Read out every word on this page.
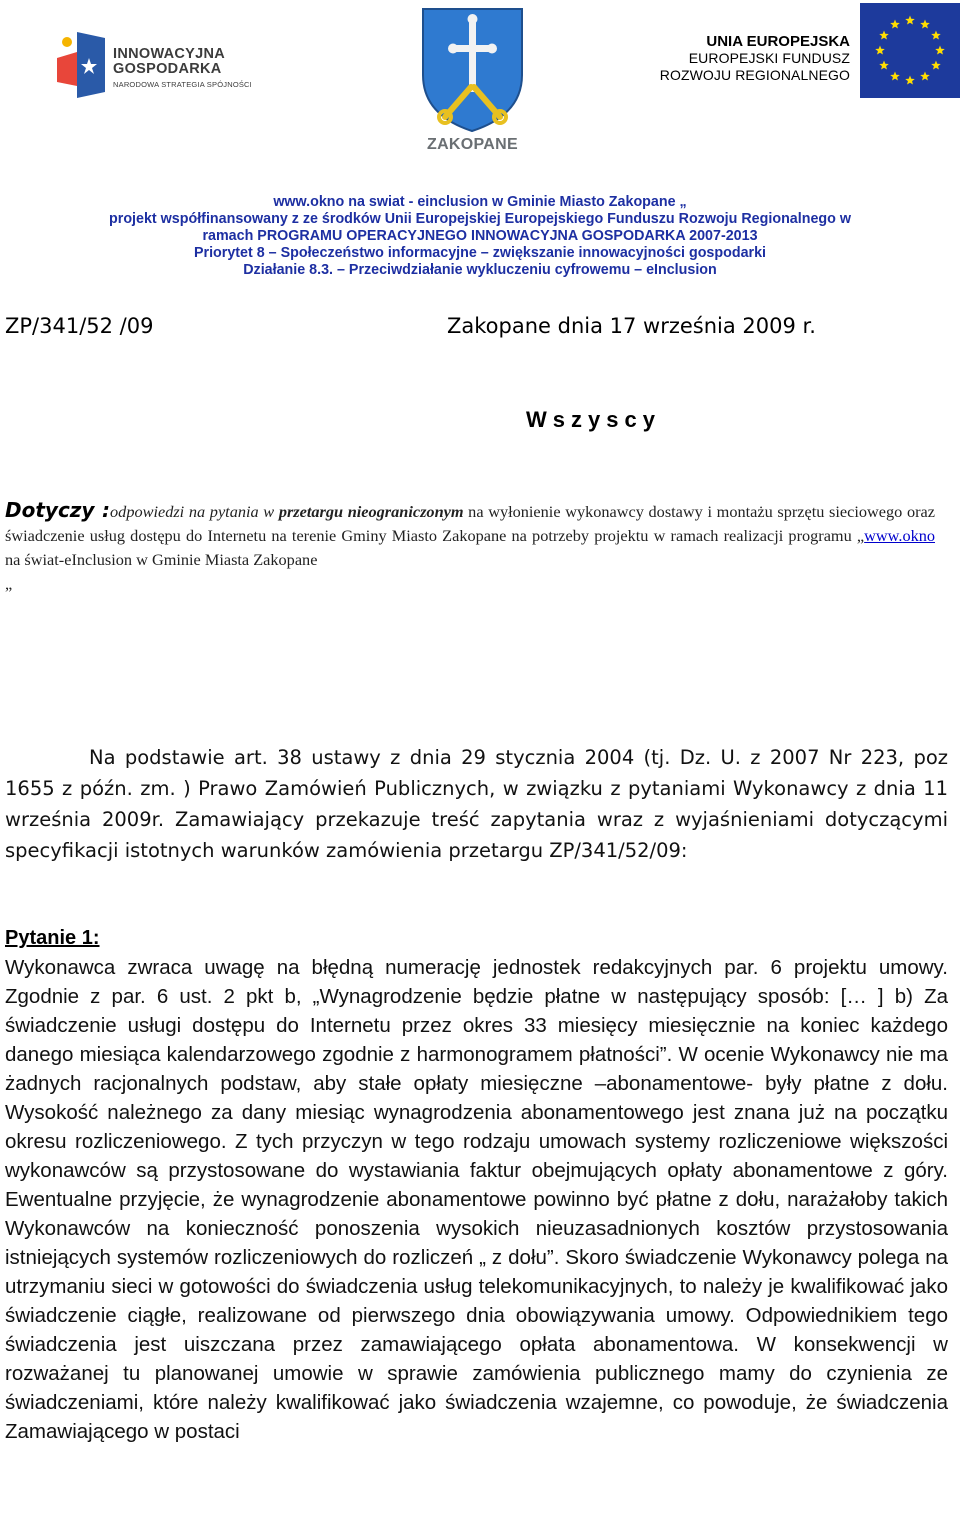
INNOWACYJNA
GOSPODARKA
NARODOWA STRATEGIA SPÓJNOŚCI
ZAKOPANE
UNIA EUROPEJSKA
EUROPEJSKI FUNDUSZ
ROZWOJU REGIONALNEGO
www.okno na swiat - einclusion w Gminie Miasto Zakopane „
projekt współfinansowany z ze środków Unii Europejskiej Europejskiego Funduszu Rozwoju Regionalnego w
ramach PROGRAMU OPERACYJNEGO INNOWACYJNA GOSPODARKA 2007-2013
Priorytet 8 – Społeczeństwo informacyjne – zwiększanie innowacyjności gospodarki
Działanie 8.3. – Przeciwdziałanie wykluczeniu cyfrowemu – eInclusion
ZP/341/52 /09	Zakopane dnia 17 września 2009 r.
Wszyscy
Dotyczy :odpowiedzi na pytania w przetargu nieograniczonym na wyłonienie wykonawcy dostawy i montażu sprzętu sieciowego oraz świadczenie usług dostępu do Internetu na terenie Gminy Miasto Zakopane na potrzeby projektu w ramach realizacji programu „www.okno na świat-eInclusion w Gminie Miasta Zakopane
„
Na podstawie art. 38 ustawy z dnia 29 stycznia 2004 (tj. Dz. U. z 2007 Nr 223, poz 1655 z późn. zm. ) Prawo Zamówień Publicznych, w związku z pytaniami Wykonawcy z dnia 11 września 2009r. Zamawiający przekazuje treść zapytania wraz z wyjaśnieniami dotyczącymi specyfikacji istotnych warunków zamówienia przetargu ZP/341/52/09:
Pytanie 1:
Wykonawca zwraca uwagę na błędną numerację jednostek redakcyjnych par. 6 projektu umowy. Zgodnie z par. 6 ust. 2 pkt b, „Wynagrodzenie będzie płatne w następujący sposób: [… ] b) Za świadczenie usługi dostępu do Internetu przez okres 33 miesięcy miesięcznie na koniec każdego danego miesiąca kalendarzowego zgodnie z harmonogramem płatności”. W ocenie Wykonawcy nie ma żadnych racjonalnych podstaw, aby stałe opłaty miesięczne –abonamentowe- były płatne z dołu. Wysokość należnego za dany miesiąc wynagrodzenia abonamentowego jest znana już na początku okresu rozliczeniowego. Z tych przyczyn w tego rodzaju umowach systemy rozliczeniowe większości wykonawców są przystosowane do wystawiania faktur obejmujących opłaty abonamentowe z góry. Ewentualne przyjęcie, że wynagrodzenie abonamentowe powinno być płatne z dołu, narażałoby takich Wykonawców na konieczność ponoszenia wysokich nieuzasadnionych kosztów przystosowania istniejących systemów rozliczeniowych do rozliczeń „ z dołu”. Skoro świadczenie Wykonawcy polega na utrzymaniu sieci w gotowości do świadczenia usług telekomunikacyjnych, to należy je kwalifikować jako świadczenie ciągłe, realizowane od pierwszego dnia obowiązywania umowy. Odpowiednikiem tego świadczenia jest uiszczana przez zamawiającego opłata abonamentowa. W konsekwencji w rozważanej tu planowanej umowie w sprawie zamówienia publicznego mamy do czynienia ze świadczeniami, które należy kwalifikować jako świadczenia wzajemne, co powoduje, że świadczenia Zamawiającego w postaci
